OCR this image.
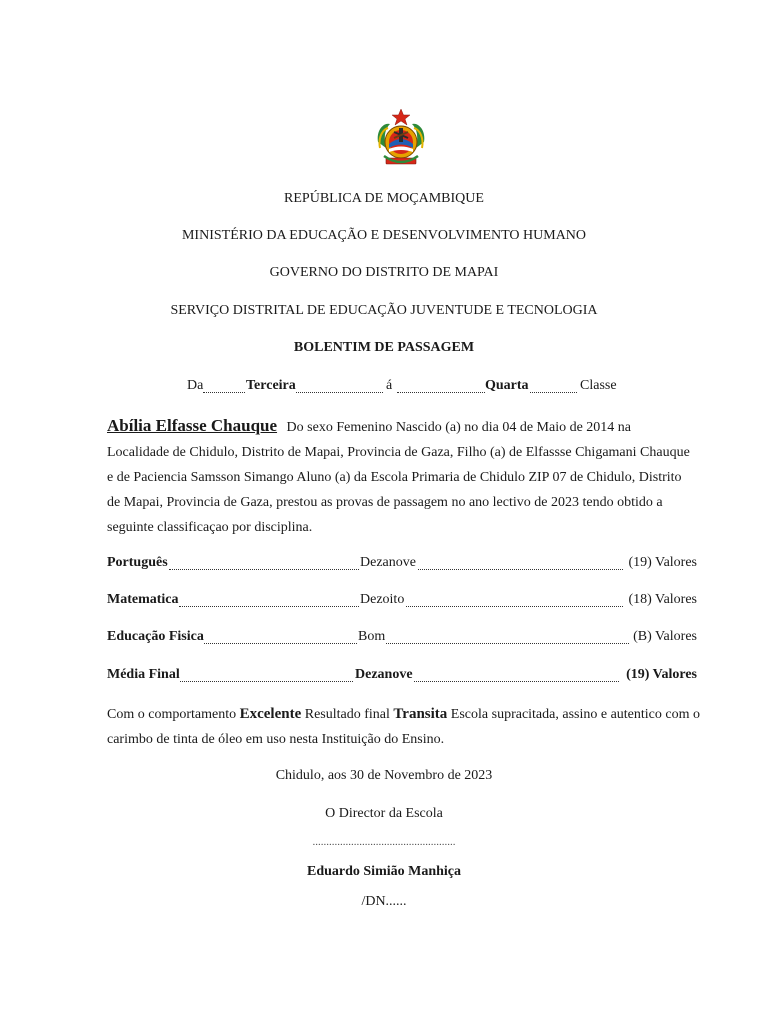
REPÚBLICA DE MOÇAMBIQUE
MINISTÉRIO DA EDUCAÇÃO E DESENVOLVIMENTO HUMANO
GOVERNO DO DISTRITO DE MAPAI
SERVIÇO DISTRITAL DE EDUCAÇÃO JUVENTUDE E TECNOLOGIA
BOLENTIM DE PASSAGEM
Da	Terceira	á	Quarta	Classe
Abília Elfasse Chauque Do sexo Femenino Nascido (a) no dia 04 de Maio de 2014 na
Localidade de Chidulo, Distrito de Mapai, Provincia de Gaza, Filho (a) de Elfassse Chigamani Chauque
e de Paciencia Samsson Simango Aluno (a) da Escola Primaria de Chidulo ZIP 07 de Chidulo, Distrito
de Mapai, Provincia de Gaza, prestou as provas de passagem no ano lectivo de 2023 tendo obtido a
seguinte classificaçao por disciplina.
Português	Dezanove	(19) Valores
Matematica	Dezoito	(18) Valores
Educação Fisica	Bom	(B) Valores
Média Final	Dezanove	(19) Valores
Com o comportamento Excelente Resultado final Transita Escola supracitada, assino e autentico com o
carimbo de tinta de óleo em uso nesta Instituição do Ensino.
Chidulo, aos 30 de Novembro de 2023
O Director da Escola
....................................................
Eduardo Simião Manhiça
/DN......
